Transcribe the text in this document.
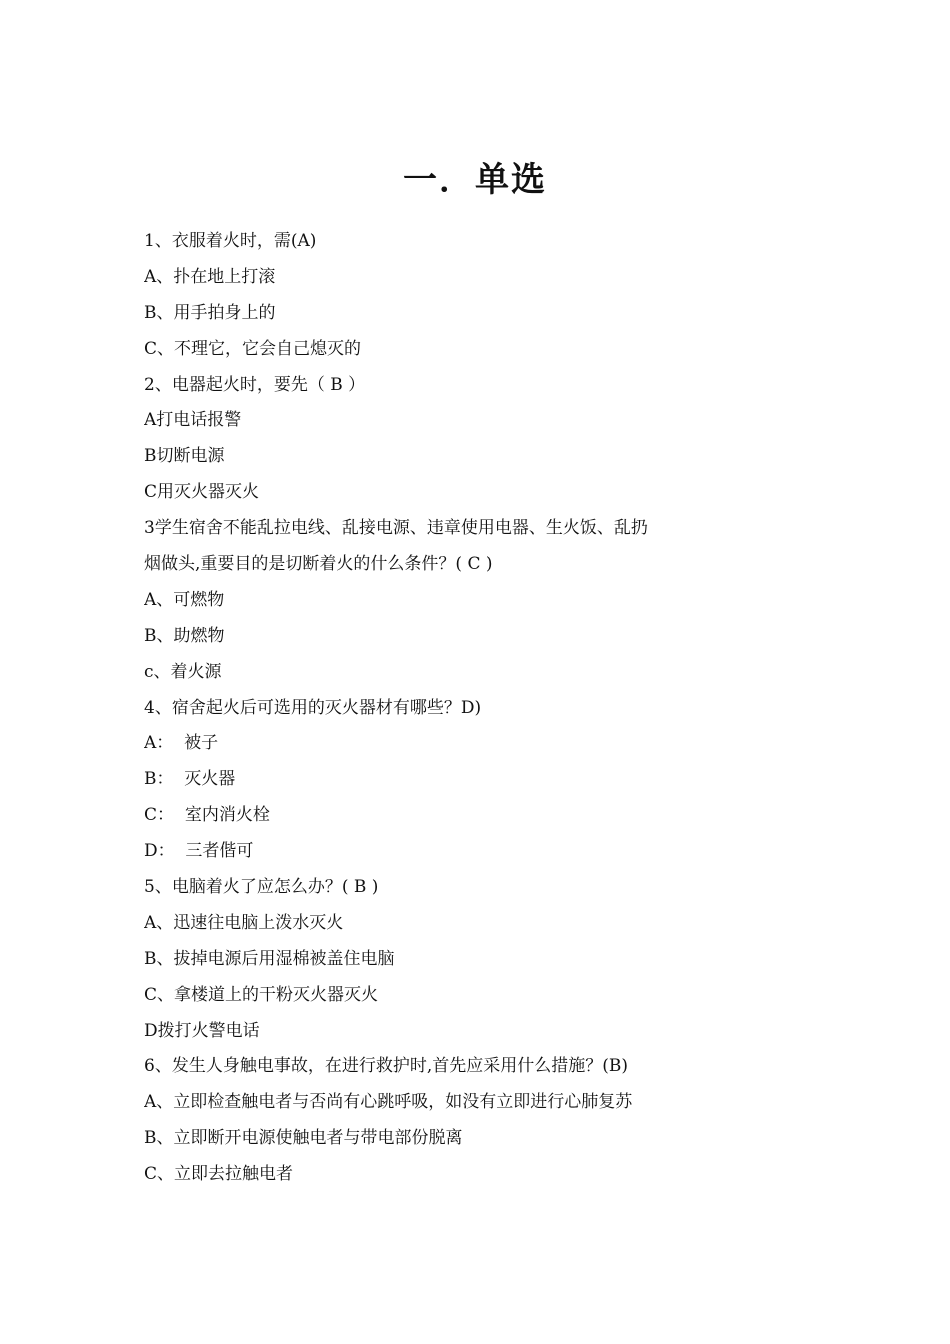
一．单选
1、衣服着火时，需(A)
A、扑在地上打滚
B、用手拍身上的
C、不理它，它会自己熄灭的
2、电器起火时，要先（ B ）
A打电话报警
B切断电源
C用灭火器灭火
3学生宿舍不能乱拉电线、乱接电源、违章使用电器、生火饭、乱扔
烟做头,重要目的是切断着火的什么条件？( C )
A、可燃物
B、助燃物
c、着火源
4、宿舍起火后可选用的灭火器材有哪些？D)
A：  被子
B：  灭火器
C：  室内消火栓
D：  三者偕可
5、电脑着火了应怎么办？( B )
A、迅速往电脑上泼水灭火
B、拔掉电源后用湿棉被盖住电脑
C、拿楼道上的干粉灭火器灭火
D拨打火警电话
6、发生人身触电事故，在进行救护时,首先应采用什么措施？(B)
A、立即检查触电者与否尚有心跳呼吸，如没有立即进行心肺复苏
B、立即断开电源使触电者与带电部份脱离
C、立即去拉触电者
